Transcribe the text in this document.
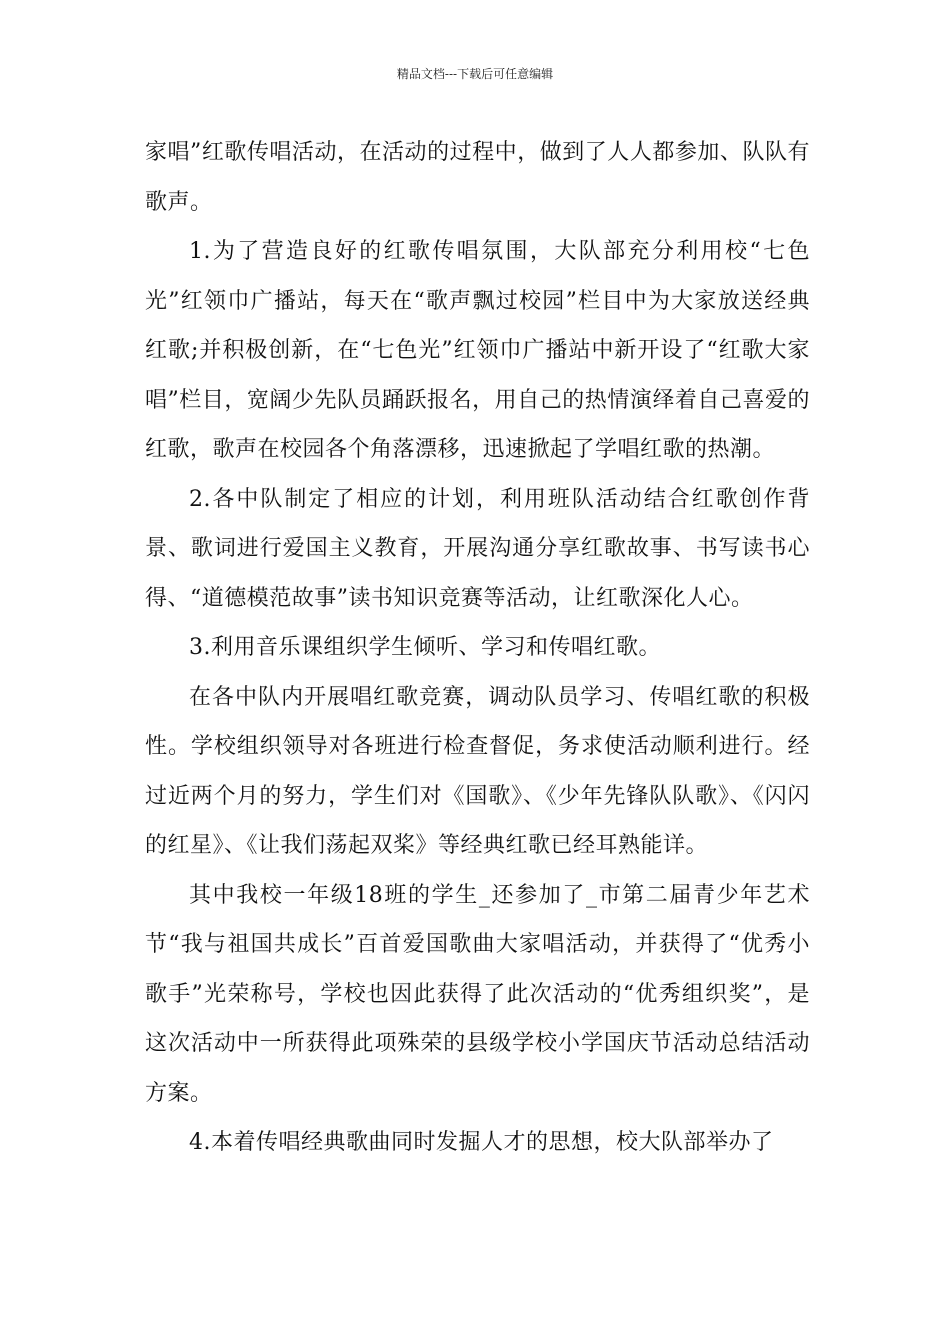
精品文档---下载后可任意编辑

家唱”红歌传唱活动，在活动的过程中，做到了人人都参加、队队有歌声。

1.为了营造良好的红歌传唱氛围，大队部充分利用校“七色光”红领巾广播站，每天在“歌声飘过校园”栏目中为大家放送经典红歌;并积极创新，在“七色光”红领巾广播站中新开设了“红歌大家唱”栏目，宽阔少先队员踊跃报名，用自己的热情演绎着自己喜爱的红歌，歌声在校园各个角落漂移，迅速掀起了学唱红歌的热潮。

2.各中队制定了相应的计划，利用班队活动结合红歌创作背景、歌词进行爱国主义教育，开展沟通分享红歌故事、书写读书心得、“道德模范故事”读书知识竞赛等活动，让红歌深化人心。

3.利用音乐课组织学生倾听、学习和传唱红歌。

在各中队内开展唱红歌竞赛，调动队员学习、传唱红歌的积极性。学校组织领导对各班进行检查督促，务求使活动顺利进行。经过近两个月的努力，学生们对《国歌》、《少年先锋队队歌》、《闪闪的红星》、《让我们荡起双桨》等经典红歌已经耳熟能详。

其中我校一年级18班的学生_还参加了_市第二届青少年艺术节“我与祖国共成长”百首爱国歌曲大家唱活动，并获得了“优秀小歌手”光荣称号，学校也因此获得了此次活动的“优秀组织奖”，是这次活动中一所获得此项殊荣的县级学校小学国庆节活动总结活动方案。

4.本着传唱经典歌曲同时发掘人才的思想，校大队部举办了
